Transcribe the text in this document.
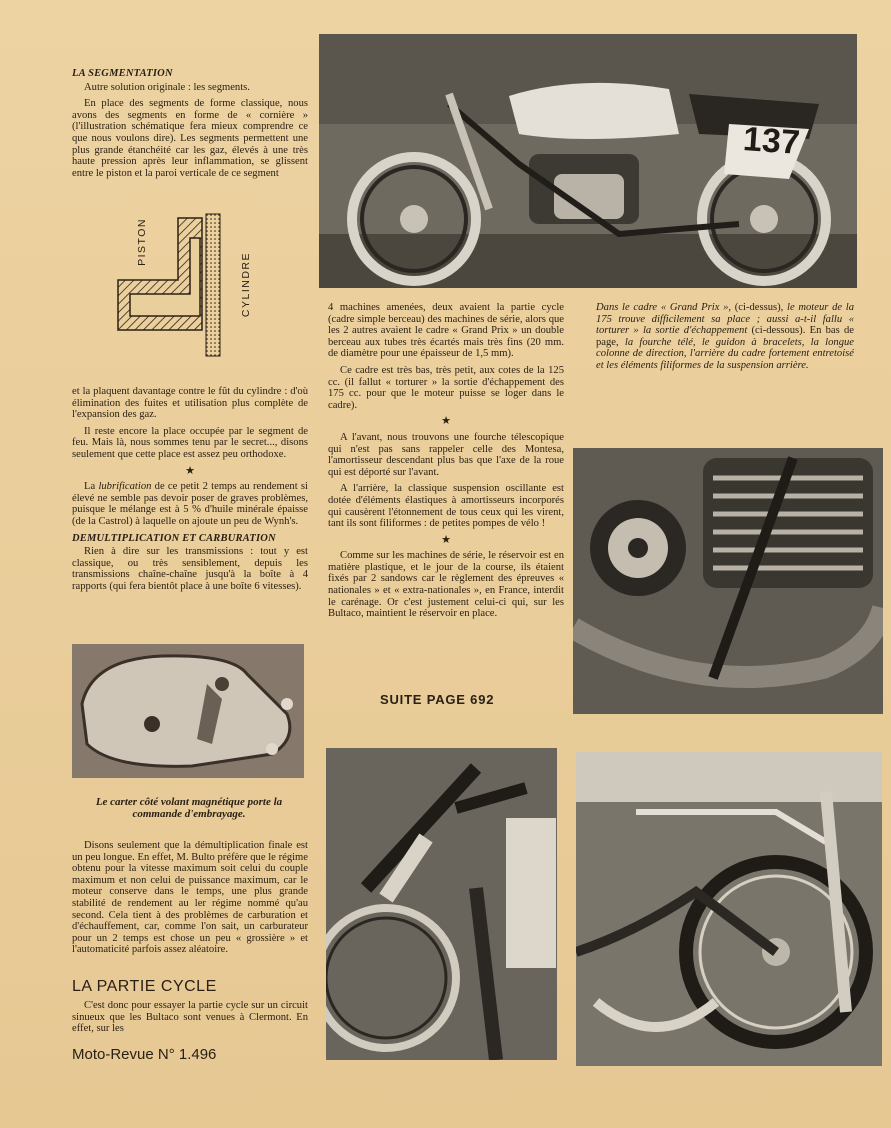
LA SEGMENTATION

Autre solution originale : les segments.

En place des segments de forme classique, nous avons des segments en forme de « cornière » (l'illustration schématique fera mieux comprendre ce que nous voulons dire). Les segments permettent une plus grande étanchéité car les gaz, élevés à une très haute pression après leur inflammation, se glissent entre le piston et la paroi verticale de ce segment

PISTON
CYLINDRE

et la plaquent davantage contre le fût du cylindre : d'où élimination des fuites et utilisation plus complète de l'expansion des gaz.

Il reste encore la place occupée par le segment de feu. Mais là, nous sommes tenu par le secret..., disons seulement que cette place est assez peu orthodoxe.

★

La lubrification de ce petit 2 temps au rendement si élevé ne semble pas devoir poser de graves problèmes, puisque le mélange est à 5 % d'huile minérale épaisse (de la Castrol) à laquelle on ajoute un peu de Wynh's.

DEMULTIPLICATION ET CARBURATION

Rien à dire sur les transmissions : tout y est classique, ou très sensiblement, depuis les transmissions chaîne-chaîne jusqu'à la boîte à 4 rapports (qui fera bientôt place à une boîte 6 vitesses).

Le carter côté volant magnétique porte la commande d'embrayage.

Disons seulement que la démultiplication finale est un peu longue. En effet, M. Bulto préfère que le régime obtenu pour la vitesse maximum soit celui du couple maximum et non celui de puissance maximum, car le moteur conserve dans le temps, une plus grande stabilité de rendement au ler régime nommé qu'au second. Cela tient à des problèmes de carburation et d'échauffement, car, comme l'on sait, un carburateur pour un 2 temps est chose un peu « grossière » et l'automaticité parfois assez aléatoire.

LA PARTIE CYCLE

C'est donc pour essayer la partie cycle sur un circuit sinueux que les Bultaco sont venues à Clermont. En effet, sur les

Moto-Revue N° 1.496
137

4 machines amenées, deux avaient la partie cycle (cadre simple berceau) des machines de série, alors que les 2 autres avaient le cadre « Grand Prix » un double berceau aux tubes très écartés mais très fins (20 mm. de diamètre pour une épaisseur de 1,5 mm).

Ce cadre est très bas, très petit, aux cotes de la 125 cc. (il fallut « torturer » la sortie d'échappement des 175 cc. pour que le moteur puisse se loger dans le cadre).

★

A l'avant, nous trouvons une fourche télescopique qui n'est pas sans rappeler celle des Montesa, l'amortisseur descendant plus bas que l'axe de la roue qui est déporté sur l'avant.

A l'arrière, la classique suspension oscillante est dotée d'éléments élastiques à amortisseurs incorporés qui causèrent l'étonnement de tous ceux qui les virent, tant ils sont filiformes : de petites pompes de vélo !

★

Comme sur les machines de série, le réservoir est en matière plastique, et le jour de la course, ils étaient fixés par 2 sandows car le règlement des épreuves « nationales » et « extra-nationales », en France, interdit le carénage. Or c'est justement celui-ci qui, sur les Bultaco, maintient le réservoir en place.

SUITE PAGE 692
Dans le cadre « Grand Prix », (ci-dessus), le moteur de la 175 trouve difficilement sa place ; aussi a-t-il fallu « torturer » la sortie d'échappement (ci-dessous). En bas de page, la fourche télé, le guidon à bracelets, la longue colonne de direction, l'arrière du cadre fortement entretoisé et les éléments filiformes de la suspension arrière.
